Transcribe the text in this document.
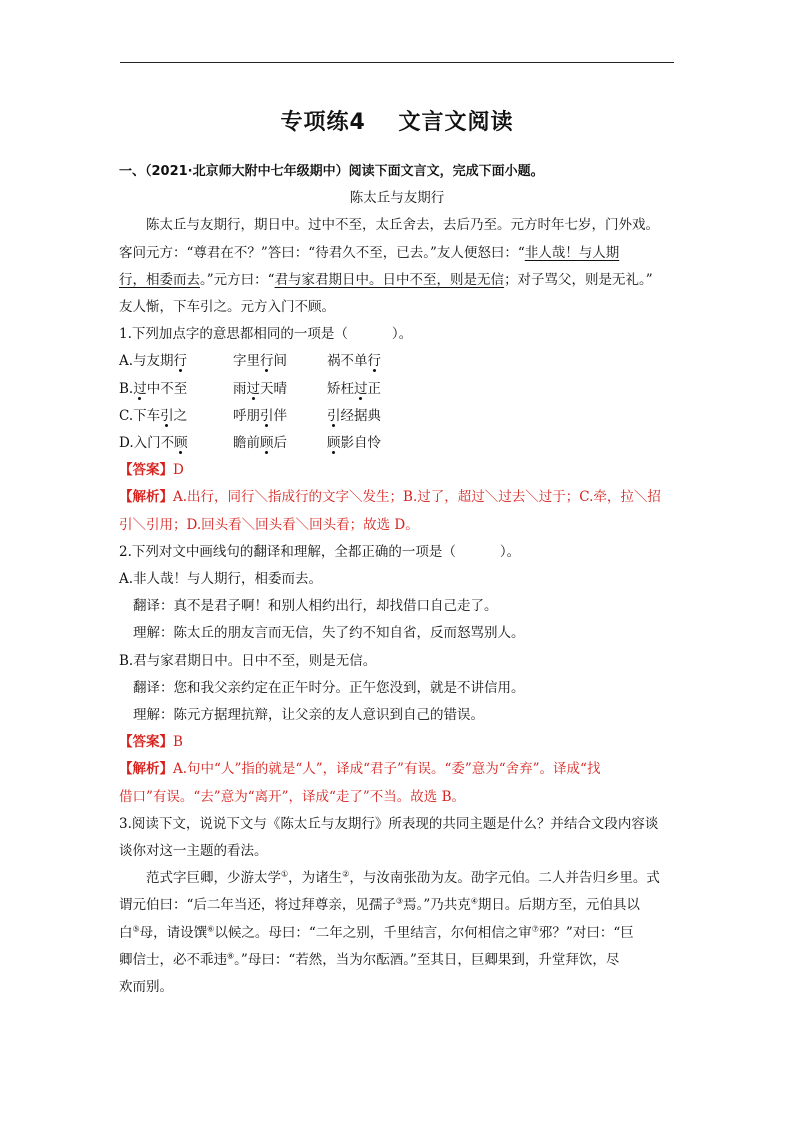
专项练4 文言文阅读

一、（2021·北京师大附中七年级期中）阅读下面文言文，完成下面小题。

陈太丘与友期行

陈太丘与友期行，期日中。过中不至，太丘舍去，去后乃至。元方时年七岁，门外戏。

客问元方：“尊君在不？”答曰：“待君久不至，已去。”友人便怒曰：“非人哉！与人期

行，相委而去。”元方曰：“君与家君期日中。日中不至，则是无信；对子骂父，则是无礼。”

友人惭，下车引之。元方入门不顾。

1.下列加点字的意思都相同的一项是（	）。

A.与友期行	字里行间	祸不单行

B.过中不至	雨过天晴	矫枉过正

C.下车引之	呼朋引伴	引经据典

D.入门不顾	瞻前顾后	顾影自怜

【答案】D

【解析】A.出行，同行＼指成行的文字＼发生；B.过了，超过＼过去＼过于；C.牵，拉＼招

引＼引用；D.回头看＼回头看＼回头看；故选 D。

2.下列对文中画线句的翻译和理解，全都正确的一项是（	）。

A.非人哉！与人期行，相委而去。

翻译：真不是君子啊！和别人相约出行，却找借口自己走了。

理解：陈太丘的朋友言而无信，失了约不知自省，反而怒骂别人。

B.君与家君期日中。日中不至，则是无信。

翻译：您和我父亲约定在正午时分。正午您没到，就是不讲信用。

理解：陈元方据理抗辩，让父亲的友人意识到自己的错误。

【答案】B

【解析】A.句中“人”指的就是“人”，译成“君子”有误。“委”意为“舍弃”。译成“找

借口”有误。“去”意为“离开”，译成“走了”不当。故选 B。

3.阅读下文，说说下文与《陈太丘与友期行》所表现的共同主题是什么？并结合文段内容谈

谈你对这一主题的看法。

范式字巨卿，少游太学①，为诸生②，与汝南张劭为友。劭字元伯。二人并告归乡里。式

谓元伯曰：“后二年当还，将过拜尊亲，见孺子③焉。”乃共克④期日。后期方至，元伯具以

白⑤母，请设馔⑥以候之。母曰：“二年之别，千里结言，尔何相信之审⑦邪？”对曰：“巨

卿信士，必不乖违⑧。”母曰：“若然，当为尔酝酒。”至其日，巨卿果到，升堂拜饮，尽

欢而别。
